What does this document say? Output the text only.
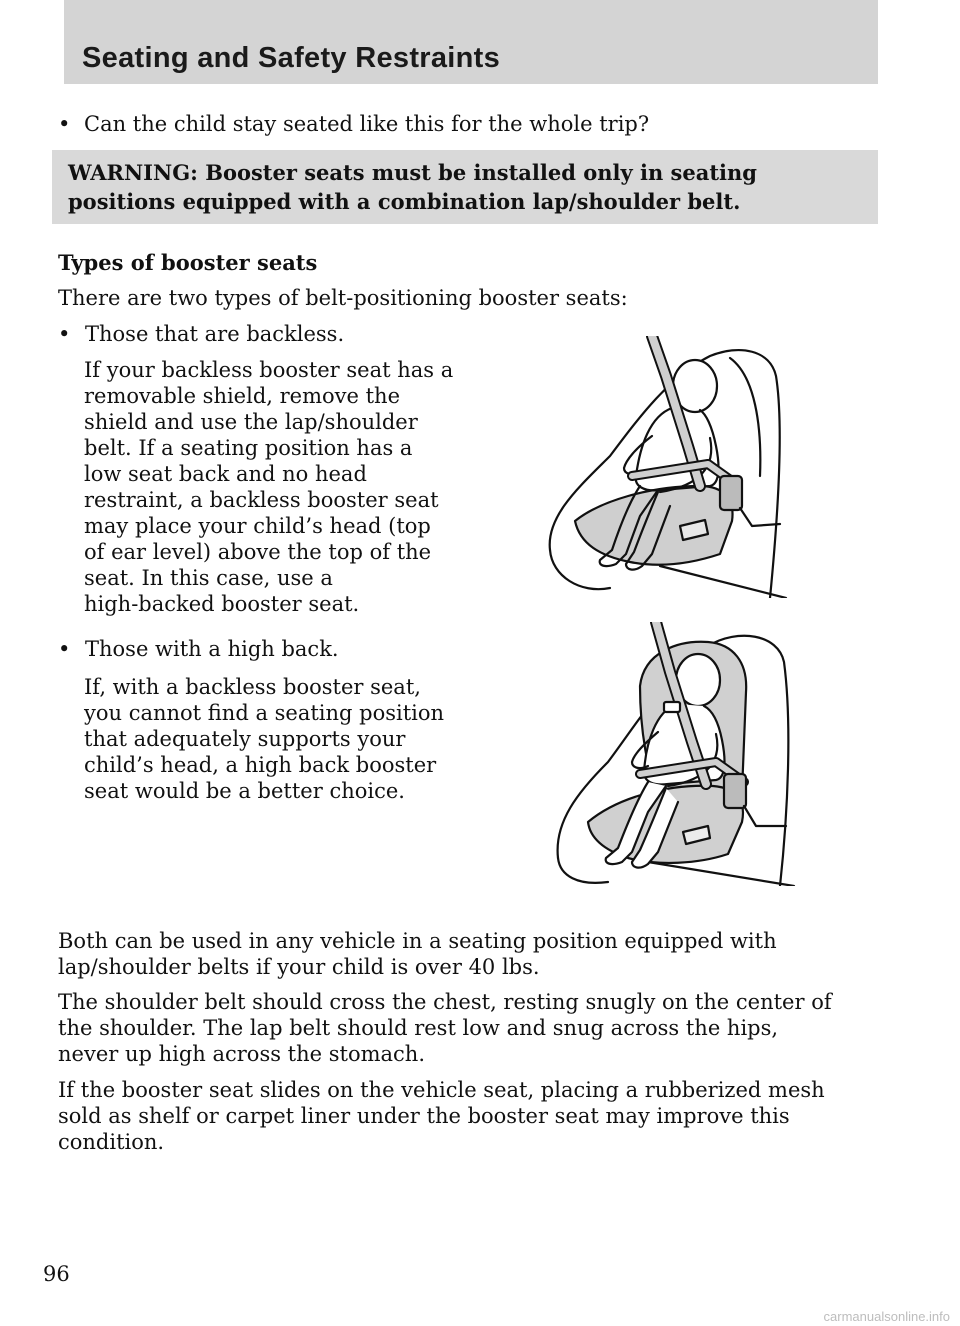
Seating and Safety Restraints
• Can the child stay seated like this for the whole trip?
WARNING: Booster seats must be installed only in seating
positions equipped with a combination lap/shoulder belt.
Types of booster seats
There are two types of belt-positioning booster seats:
• Those that are backless.
If your backless booster seat has a
removable shield, remove the
shield and use the lap/shoulder
belt. If a seating position has a
low seat back and no head
restraint, a backless booster seat
may place your child’s head (top
of ear level) above the top of the
seat. In this case, use a
high-backed booster seat.
• Those with a high back.
If, with a backless booster seat,
you cannot find a seating position
that adequately supports your
child’s head, a high back booster
seat would be a better choice.
Both can be used in any vehicle in a seating position equipped with
lap/shoulder belts if your child is over 40 lbs.
The shoulder belt should cross the chest, resting snugly on the center of
the shoulder. The lap belt should rest low and snug across the hips,
never up high across the stomach.
If the booster seat slides on the vehicle seat, placing a rubberized mesh
sold as shelf or carpet liner under the booster seat may improve this
condition.
96
carmanualsonline.info
